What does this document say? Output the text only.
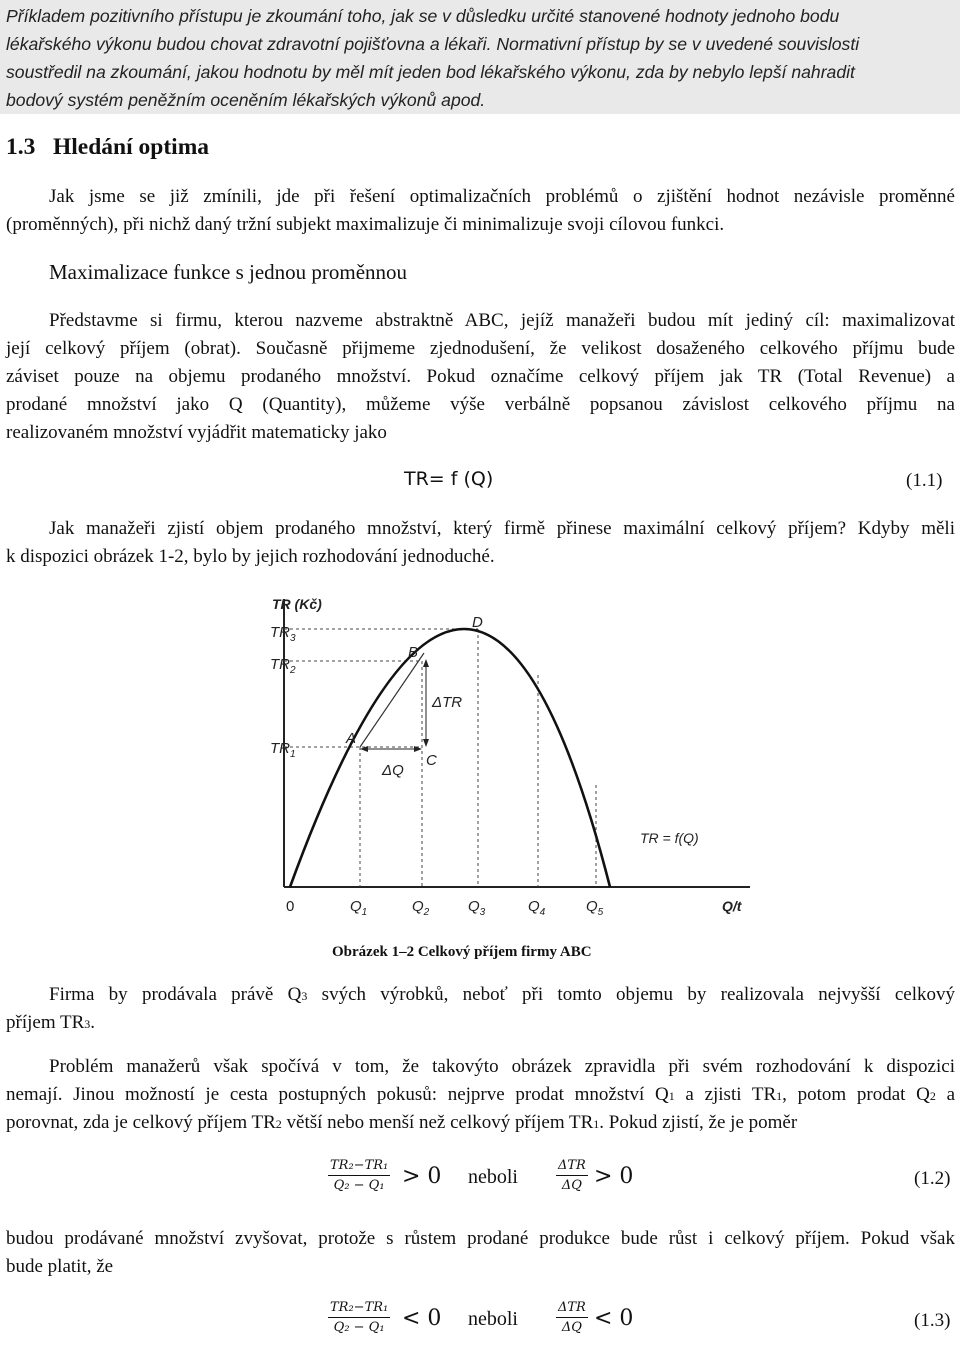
Příkladem pozitivního přístupu je zkoumání toho, jak se v důsledku určité stanovené hodnoty jednoho bodu
lékařského výkonu budou chovat zdravotní pojišťovna a lékaři. Normativní přístup by se v uvedené souvislosti
soustředil na zkoumání, jakou hodnotu by měl mít jeden bod lékařského výkonu, zda by nebylo lepší nahradit
bodový systém peněžním oceněním lékařských výkonů apod.
1.3 Hledání optima
Jak jsme se již zmínili, jde při řešení optimalizačních problémů o zjištění hodnot nezávisle proměnné
(proměnných), při nichž daný tržní subjekt maximalizuje či minimalizuje svoji cílovou funkci.
Maximalizace funkce s jednou proměnnou
Představme si firmu, kterou nazveme abstraktně ABC, jejíž manažeři budou mít jediný cíl: maximalizovat
její celkový příjem (obrat). Současně přijmeme zjednodušení, že velikost dosaženého celkového příjmu bude
záviset pouze na objemu prodaného množství. Pokud označíme celkový příjem jak TR (Total Revenue) a
prodané množství jako Q (Quantity), můžeme výše verbálně popsanou závislost celkového příjmu na
realizovaném množství vyjádřit matematicky jako
TR= f (Q)	(1.1)
Jak manažeři zjistí objem prodaného množství, který firmě přinese maximální celkový příjem? Kdyby měli
k dispozici obrázek 1-2, bylo by jejich rozhodování jednoduché.
TR (Kč)
$TR_3$
$TR_2$
$TR_1$
A
B
C
D
ΔTR
ΔQ
TR = f(Q)
0	$Q_1$	$Q_2$	$Q_3$	$Q_4$	$Q_5$	Q/t
Obrázek 1–2 Celkový příjem firmy ABC
Firma by prodávala právě Q3 svých výrobků, neboť při tomto objemu by realizovala nejvyšší celkový
příjem TR3.
Problém manažerů však spočívá v tom, že takovýto obrázek zpravidla při svém rozhodování k dispozici
nemají. Jinou možností je cesta postupných pokusů: nejprve prodat množství Q1 a zjisti TR1, potom prodat Q2 a
porovnat, zda je celkový příjem TR2 větší nebo menší než celkový příjem TR1. Pokud zjistí, že je poměr
$\frac{\text{TR₂−TR₁}}{\text{Q₂ − Q₁}} > 0$ neboli
ΔTR
ΔQ > 0	(1.2)
budou prodávané množství zvyšovat, protože s růstem prodané produkce bude růst i celkový příjem. Pokud však
bude platit, že
$\frac{\text{TR₂−TR₁}}{\text{Q₂ − Q₁}} < 0$ neboli
ΔTR
ΔQ < 0	(1.3)
